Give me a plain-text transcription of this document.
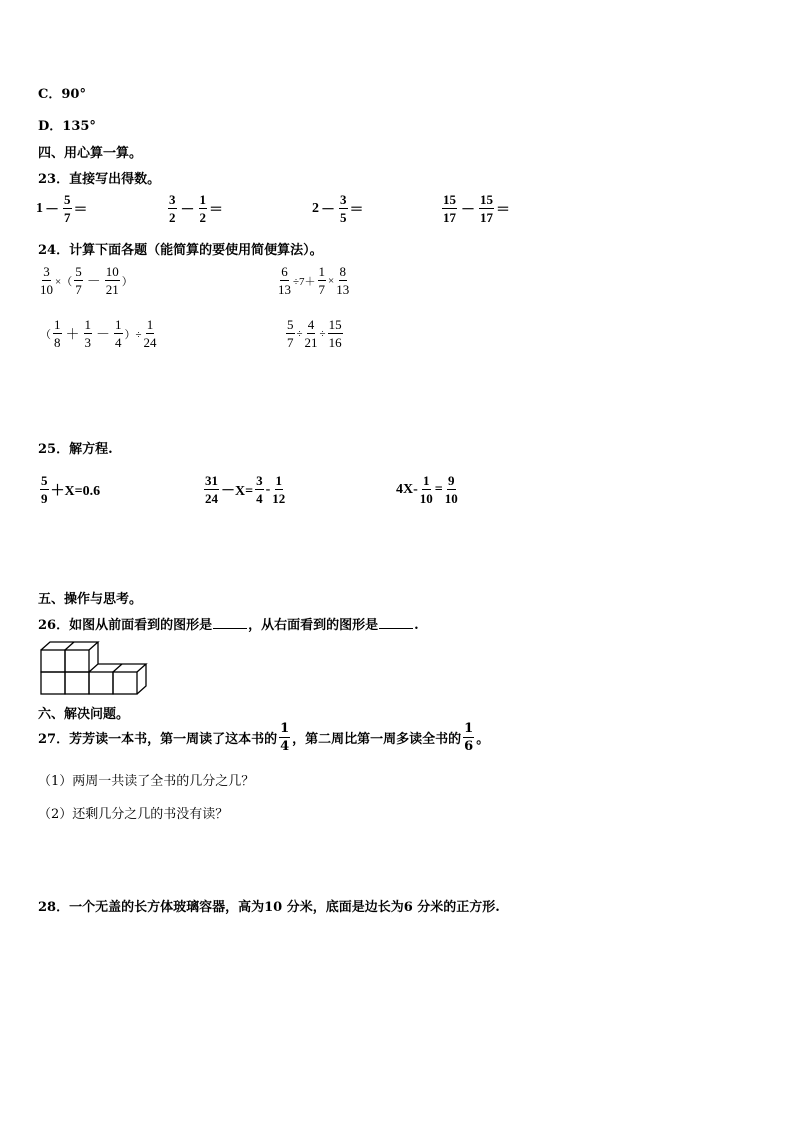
C．90°
D．135°
四、用心算一算。
23．直接写出得数。
$1 - \frac{5}{7}$ ＝	$\frac{3}{2} - \frac{1}{2}$ ＝	$2 - \frac{3}{5}$ ＝	$\frac{15}{17} - \frac{15}{17}$ ＝
24．计算下面各题（能简算的要使用简便算法）。
$\frac{3}{10}$ ×（ $\frac{5}{7} - \frac{10}{21}$ ）	$\frac{6}{13} \div 7+ \frac{1}{7} \times \frac{8}{13}$
（ $\frac{1}{8} + \frac{1}{3} - \frac{1}{4}$ ）÷ $\frac{1}{24}$	$\frac{5}{7} \div \frac{4}{21} \div \frac{15}{16}$
25．解方程.
$\frac{5}{9} +X=0.6$	$\frac{31}{24} -X= \frac{3}{4} - \frac{1}{12}$	$4X- \frac{1}{10} = \frac{9}{10}$
五、操作与思考。
26．如图从前面看到的图形是	，从右面看到的图形是	.
六、解决问题。
27．芳芳读一本书，第一周读了这本书的 $\frac{1}{4}$ ，第二周比第一周多读全书的 $\frac{1}{6}$ 。
（1）两周一共读了全书的几分之几？
（2）还剩几分之几的书没有读？
28．一个无盖的长方体玻璃容器，高为10 分米，底面是边长为6 分米的正方形.
